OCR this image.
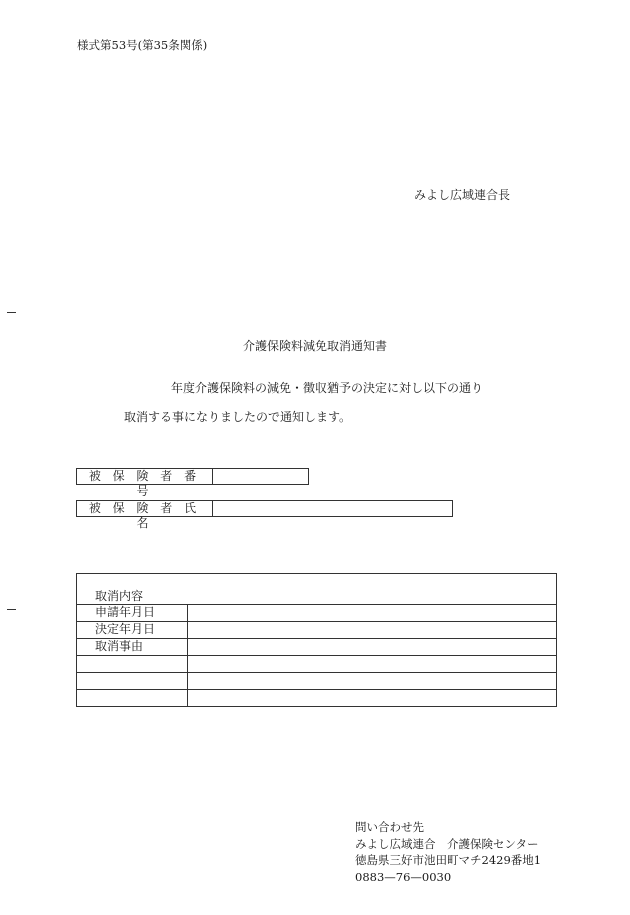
様式第53号(第35条関係)
みよし広域連合長
介護保険料減免取消通知書
年度介護保険料の減免・徴収猶予の決定に対し以下の通り
取消する事になりましたので通知します。
被 保 険 者 番 号
被 保 険 者 氏 名
取消内容
申請年月日
決定年月日
取消事由
問い合わせ先
みよし広域連合　介護保険センター
徳島県三好市池田町マチ2429番地1
0883—76—0030
